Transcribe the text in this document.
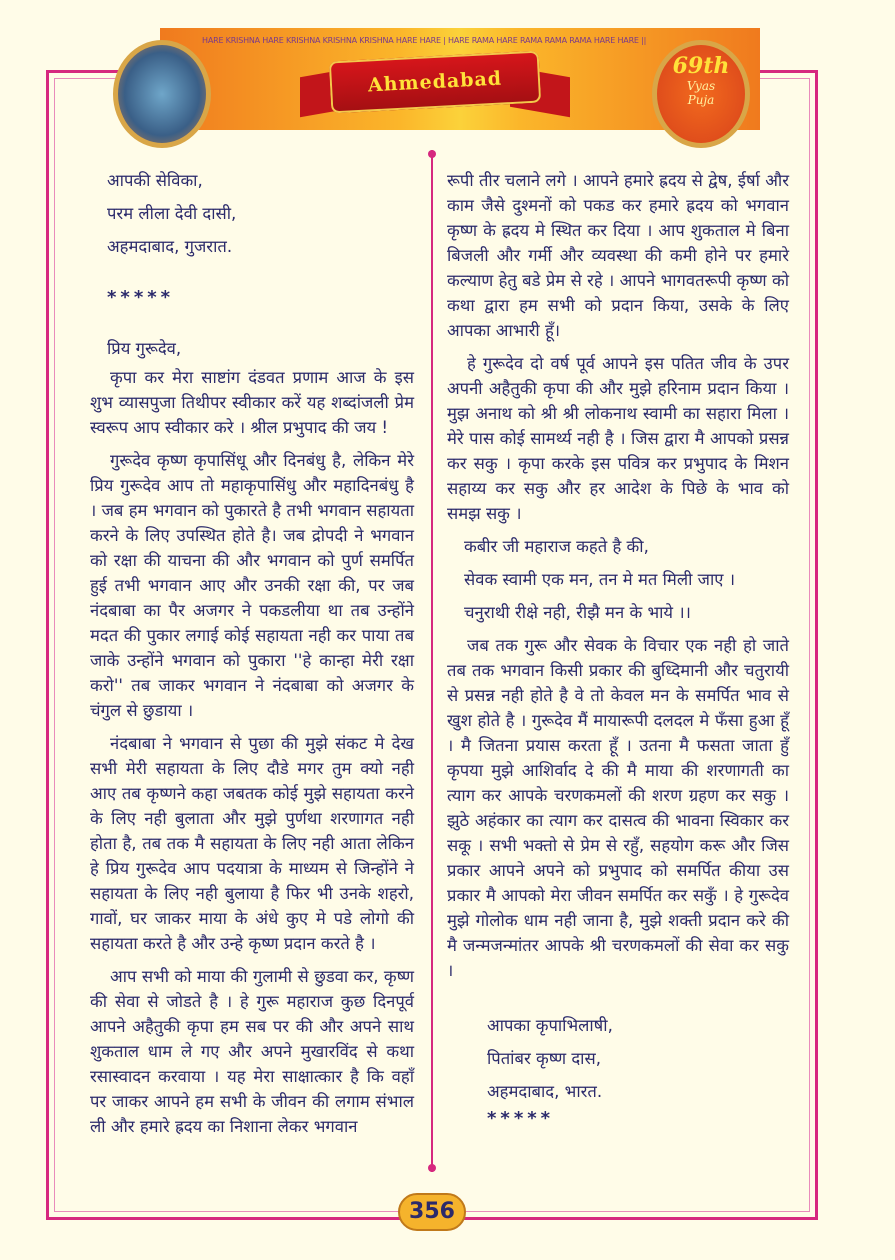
HARE KRISHNA HARE KRISHNA KRISHNA KRISHNA HARE HARE | HARE RAMA HARE RAMA RAMA RAMA HARE HARE ||
Ahmedabad
69th
Vyas
Puja

आपकी सेविका,

परम लीला देवी दासी,

अहमदाबाद, गुजरात.

*****

प्रिय गुरूदेव,

कृपा कर मेरा साष्टांग दंडवत प्रणाम आज के इस शुभ व्यासपुजा तिथीपर स्वीकार करें यह शब्दांजली प्रेम स्वरूप आप स्वीकार करे । श्रील प्रभुपाद की जय !

गुरूदेव कृष्ण कृपासिंधू और दिनबंधु है, लेकिन मेरे प्रिय गुरूदेव आप तो महाकृपासिंधु और महादिनबंधु है । जब हम भगवान को पुकारते है तभी भगवान सहायता करने के लिए उपस्थित होते है। जब द्रोपदी ने भगवान को रक्षा की याचना की और भगवान को पुर्ण समर्पित हुई तभी भगवान आए और उनकी रक्षा की, पर जब नंदबाबा का पैर अजगर ने पकडलीया था तब उन्होंने मदत की पुकार लगाई कोई सहायता नही कर पाया तब जाके उन्होंने भगवान को पुकारा ''हे कान्हा मेरी रक्षा करो'' तब जाकर भगवान ने नंदबाबा को अजगर के चंगुल से छुडाया ।

नंदबाबा ने भगवान से पुछा की मुझे संकट मे देख सभी मेरी सहायता के लिए दौडे मगर तुम क्यो नही आए तब कृष्णने कहा जबतक कोई मुझे सहायता करने के लिए नही बुलाता और मुझे पुर्णथा शरणागत नही होता है, तब तक मै सहायता के लिए नही आता लेकिन हे प्रिय गुरूदेव आप पदयात्रा के माध्यम से जिन्होंने ने सहायता के लिए नही बुलाया है फिर भी उनके शहरो, गावों, घर जाकर माया के अंधे कुए मे पडे लोगो की सहायता करते है और उन्हे कृष्ण प्रदान करते है ।

आप सभी को माया की गुलामी से छुडवा कर, कृष्ण की सेवा से जोडते है । हे गुरू महाराज कुछ दिनपूर्व आपने अहैतुकी कृपा हम सब पर की और अपने साथ शुकताल धाम ले गए और अपने मुखारविंद से कथा रसास्वादन करवाया । यह मेरा साक्षात्कार है कि वहाँ पर जाकर आपने हम सभी के जीवन की लगाम संभाल ली और हमारे ह्रदय का निशाना लेकर भगवान

रूपी तीर चलाने लगे । आपने हमारे ह्रदय से द्वेष, ईर्षा और काम जैसे दुश्मनों को पकड कर हमारे ह्रदय को भगवान कृष्ण के ह्रदय मे स्थित कर दिया । आप शुकताल मे बिना बिजली और गर्मी और व्यवस्था की कमी होने पर हमारे कल्याण हेतु बडे प्रेम से रहे । आपने भागवतरूपी कृष्ण को कथा द्वारा हम सभी को प्रदान किया, उसके के लिए आपका आभारी हूँ।

हे गुरूदेव दो वर्ष पूर्व आपने इस पतित जीव के उपर अपनी अहैतुकी कृपा की और मुझे हरिनाम प्रदान किया । मुझ अनाथ को श्री श्री लोकनाथ स्वामी का सहारा मिला । मेरे पास कोई सामर्थ्य नही है । जिस द्वारा मै आपको प्रसन्न कर सकु । कृपा करके इस पवित्र कर प्रभुपाद के मिशन सहाय्य कर सकु और हर आदेश के पिछे के भाव को समझ सकु ।

कबीर जी महाराज कहते है की,

सेवक स्वामी एक मन, तन मे मत मिली जाए ।

चनुराथी रीक्षे नही, रीझै मन के भाये ।।

जब तक गुरू और सेवक के विचार एक नही हो जाते तब तक भगवान किसी प्रकार की बुध्दिमानी और चतुरायी से प्रसन्न नही होते है वे तो केवल मन के समर्पित भाव से खुश होते है । गुरूदेव मैं मायारूपी दलदल मे फँसा हुआ हूँ । मै जितना प्रयास करता हूँ । उतना मै फसता जाता हुँ कृपया मुझे आशिर्वाद दे की मै माया की शरणागती का त्याग कर आपके चरणकमलों की शरण ग्रहण कर सकु । झुठे अहंकार का त्याग कर दासत्व की भावना स्विकार कर सकू । सभी भक्तो से प्रेम से रहुँ, सहयोग करू और जिस प्रकार आपने अपने को प्रभुपाद को समर्पित कीया उस प्रकार मै आपको मेरा जीवन समर्पित कर सकुँ । हे गुरूदेव मुझे गोलोक धाम नही जाना है, मुझे शक्ती प्रदान करे की मै जन्मजन्मांतर आपके श्री चरणकमलों की सेवा कर सकु ।

आपका कृपाभिलाषी,

पितांबर कृष्ण दास,

अहमदाबाद, भारत.

*****

356
